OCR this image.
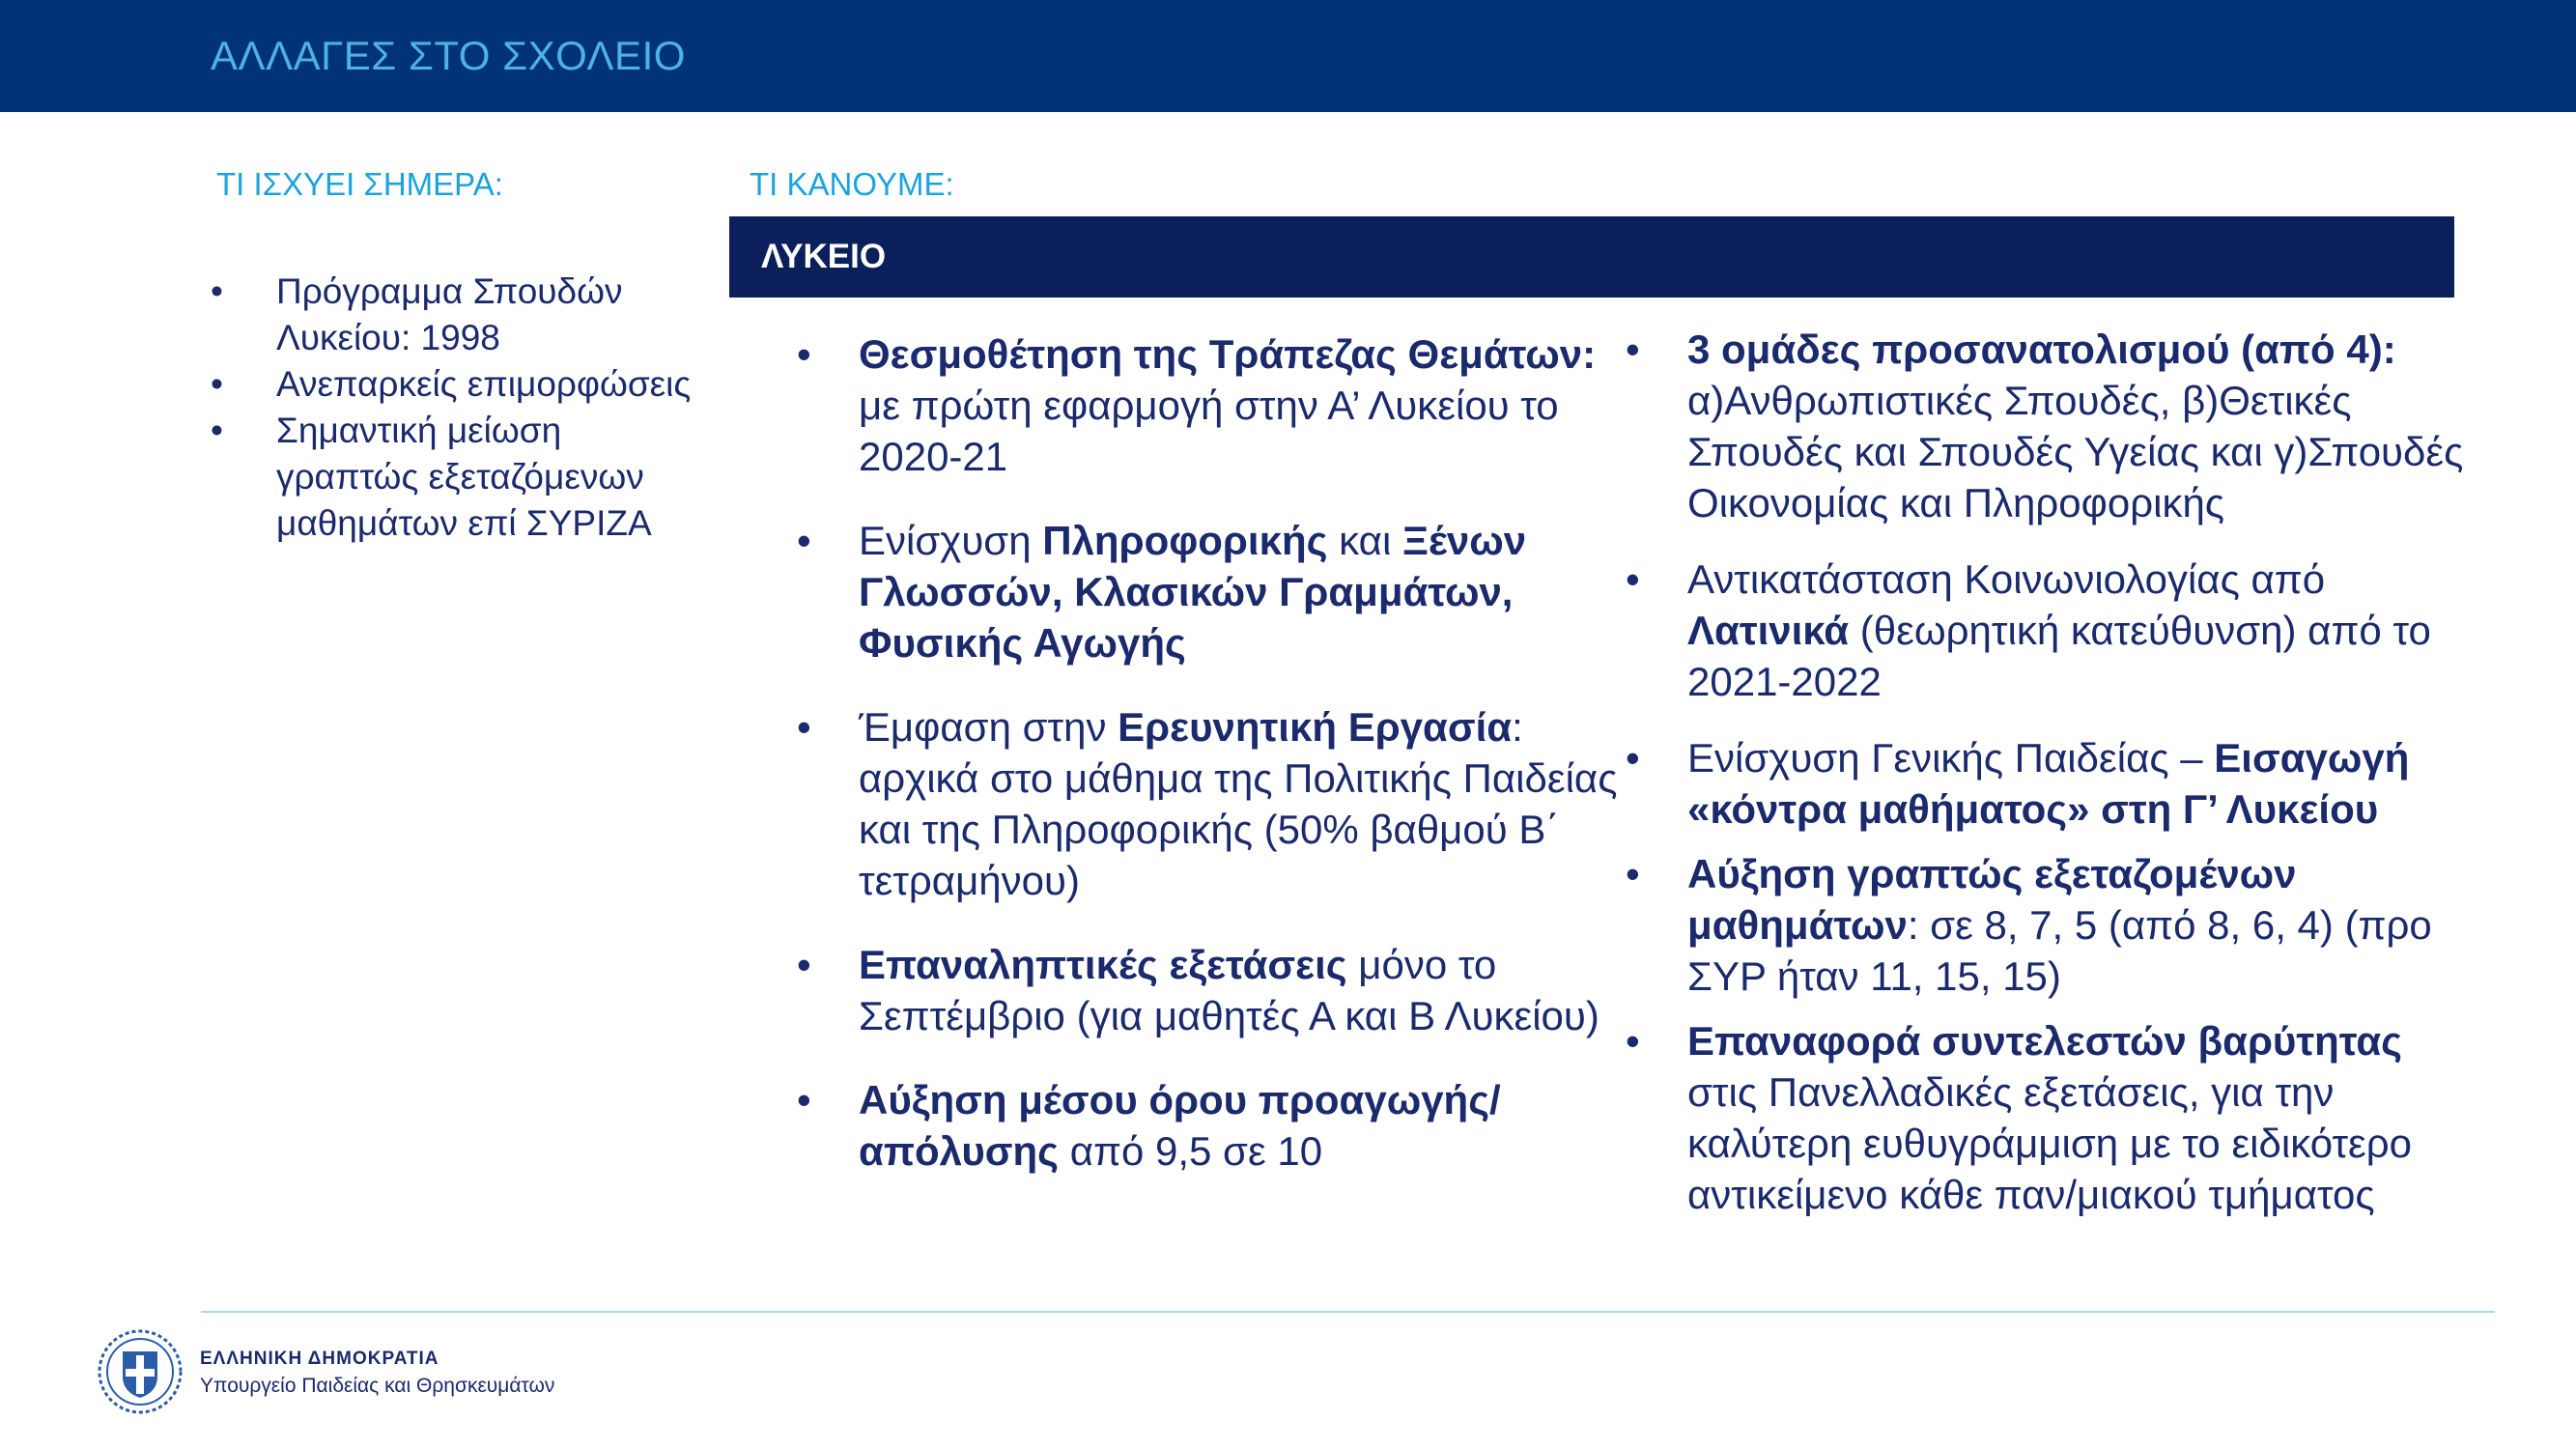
ΑΛΛΑΓΕΣ ΣΤΟ ΣΧΟΛΕΙΟ
ΤΙ ΙΣΧΥΕΙ ΣΗΜΕΡΑ:
• Πρόγραμμα Σπουδών Λυκείου: 1998
• Ανεπαρκείς επιμορφώσεις
• Σημαντική μείωση γραπτώς εξεταζόμενων μαθημάτων επί ΣΥΡΙΖΑ
ΤΙ ΚΑΝΟΥΜΕ:
ΛΥΚΕΙΟ
• Θεσμοθέτηση της Τράπεζας Θεμάτων: με πρώτη εφαρμογή στην Α’ Λυκείου το 2020-21
• Ενίσχυση Πληροφορικής και Ξένων Γλωσσών, Κλασικών Γραμμάτων, Φυσικής Αγωγής
• Έμφαση στην Ερευνητική Εργασία: αρχικά στο μάθημα της Πολιτικής Παιδείας και της Πληροφορικής (50% βαθμού Β΄ τετραμήνου)
• Επαναληπτικές εξετάσεις μόνο το Σεπτέμβριο (για μαθητές Α και Β Λυκείου)
• Αύξηση μέσου όρου προαγωγής/απόλυσης από 9,5 σε 10
• 3 ομάδες προσανατολισμού (από 4): α)Ανθρωπιστικές Σπουδές, β)Θετικές Σπουδές και Σπουδές Υγείας και γ)Σπουδές Οικονομίας και Πληροφορικής
• Αντικατάσταση Κοινωνιολογίας από Λατινικά (θεωρητική κατεύθυνση) από το 2021-2022
• Ενίσχυση Γενικής Παιδείας – Εισαγωγή «κόντρα μαθήματος» στη Γ’ Λυκείου
• Αύξηση γραπτώς εξεταζομένων μαθημάτων: σε 8, 7, 5 (από 8, 6, 4) (προ ΣΥΡ ήταν 11, 15, 15)
• Επαναφορά συντελεστών βαρύτητας στις Πανελλαδικές εξετάσεις, για την καλύτερη ευθυγράμμιση με το ειδικότερο αντικείμενο κάθε παν/μιακού τμήματος
ΕΛΛΗΝΙΚΗ ΔΗΜΟΚΡΑΤΙΑ
Υπουργείο Παιδείας και Θρησκευμάτων
